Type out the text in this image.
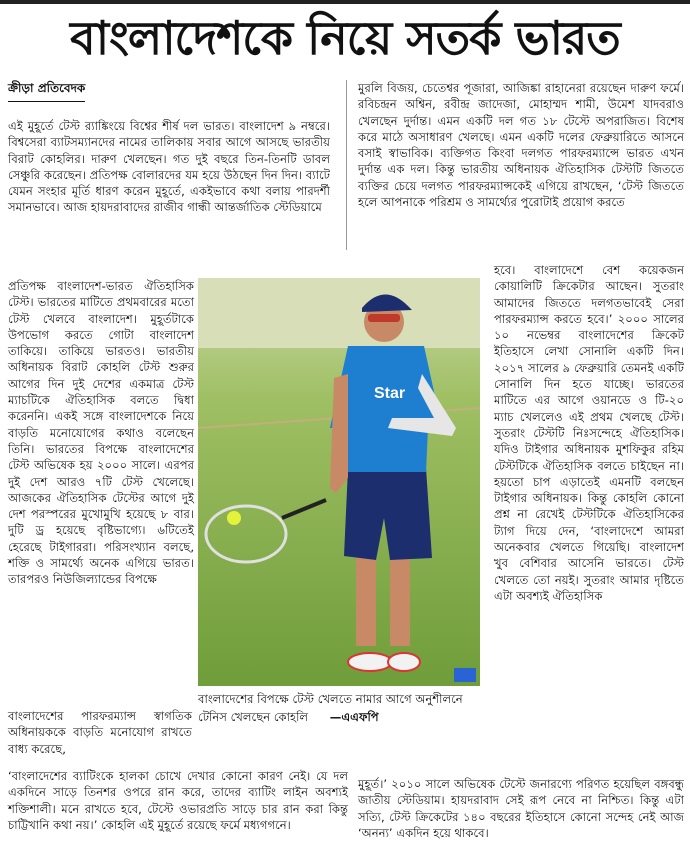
বাংলাদেশকে নিয়ে সতর্ক ভারত
ক্রীড়া প্রতিবেদক

এই মুহূর্তে টেস্ট র‌্যাঙ্কিংয়ে বিশ্বের শীর্ষ দল ভারত। বাংলাদেশ ৯ নম্বরে। বিশ্বসেরা ব্যাটসম্যানদের নামের তালিকায় সবার আগে আসছে ভারতীয় বিরাট কোহলির। দারুণ খেলছেন। গত দুই বছরে তিন-তিনটি ডাবল সেঞ্চুরি করেছেন। প্রতিপক্ষ বোলারদের যম হয়ে উঠছেন দিন দিন। ব্যাটে যেমন সংহার মূর্তি ধারণ করেন মুহূর্তে, একইভাবে কথা বলায় পারদর্শী সমানভাবে। আজ হায়দরাবাদের রাজীব গান্ধী আন্তর্জাতিক স্টেডিয়ামে

প্রতিপক্ষ বাংলাদেশ-ভারত ঐতিহাসিক টেস্ট। ভারতের মাটিতে প্রথমবারের মতো টেস্ট খেলবে বাংলাদেশ। মুহূর্তটাকে উপভোগ করতে গোটা বাংলাদেশ তাকিয়ে। তাকিয়ে ভারতও। ভারতীয় অধিনায়ক বিরাট কোহলি টেস্ট শুরুর আগের দিন দুই দেশের একমাত্র টেস্ট ম্যাচটিকে ঐতিহাসিক বলতে দ্বিধা করেননি। একই সঙ্গে বাংলাদেশকে নিয়ে বাড়তি মনোযোগের কথাও বলেছেন তিনি। ভারতের বিপক্ষে বাংলাদেশের টেস্ট অভিষেক হয় ২০০০ সালে। এরপর দুই দেশ আরও ৭টি টেস্ট খেলেছে। আজকের ঐতিহাসিক টেস্টের আগে দুই দেশ পরস্পরের মুখোমুখি হয়েছে ৮ বার। দুটি ড্র হয়েছে বৃষ্টিভাগ্যে। ৬টিতেই হেরেছে টাইগাররা। পরিসংখ্যান বলছে, শক্তি ও সামর্থ্যে অনেক এগিয়ে ভারত। তারপরও নিউজিল্যান্ডের বিপক্ষে

বাংলাদেশের পারফরম্যান্স স্বাগতিক অধিনায়ককে বাড়তি মনোযোগ রাখতে বাধ্য করেছে,

মুরলি বিজয়, চেতেশ্বর পূজারা, আজিঙ্কা রাহানেরা রয়েছেন দারুণ ফর্মে। রবিচন্দ্রন অশ্বিন, রবীন্দ্র জাদেজা, মোহাম্মদ শামী, উমেশ যাদবরাও খেলছেন দুর্দান্ত। এমন একটি দল গত ১৮ টেস্টে অপরাজিত। বিশেষ করে মাঠে অসাধারণ খেলছে। এমন একটি দলের ফেব্রুয়ারিতে আসনে বসাই স্বাভাবিক। ব্যক্তিগত কিংবা দলগত পারফরম্যান্সে ভারত এখন দুর্দান্ত এক দল। কিন্তু ভারতীয় অধিনায়ক ঐতিহাসিক টেস্টটি জিততে ব্যক্তির চেয়ে দলগত পারফরম্যান্সকেই এগিয়ে রাখছেন, ‘টেস্ট জিততে হলে আপনাকে পরিশ্রম ও সামর্থ্যের পুরোটাই প্রয়োগ করতে

হবে। বাংলাদেশে বেশ কয়েকজন কোয়ালিটি ক্রিকেটার আছেন। সুতরাং আমাদের জিততে দলগতভাবেই সেরা পারফরম্যান্স করতে হবে।’ ২০০০ সালের ১০ নভেম্বর বাংলাদেশের ক্রিকেট ইতিহাসে লেখা সোনালি একটি দিন। ২০১৭ সালের ৯ ফেব্রুয়ারি তেমনই একটি সোনালি দিন হতে যাচ্ছে। ভারতের মাটিতে এর আগে ওয়ানডে ও টি-২০ ম্যাচ খেললেও এই প্রথম খেলছে টেস্ট। সুতরাং টেস্টটি নিঃসন্দেহে ঐতিহাসিক। যদিও টাইগার অধিনায়ক মুশফিকুর রহিম টেস্টটিকে ঐতিহাসিক বলতে চাইছেন না। হয়তো চাপ এড়াতেই এমনটি বলছেন টাইগার অধিনায়ক। কিন্তু কোহলি কোনো প্রশ্ন না রেখেই টেস্টটিকে ঐতিহাসিকের ট্যাগ দিয়ে দেন, ‘বাংলাদেশে আমরা অনেকবার খেলতে গিয়েছি। বাংলাদেশ খুব বেশিবার আসেনি ভারতে। টেস্ট খেলতে তো নয়ই। সুতরাং আমার দৃষ্টিতে এটা অবশ্যই ঐতিহাসিক

‘বাংলাদেশের ব্যাটিংকে হালকা চোখে দেখার কোনো কারণ নেই। যে দল একদিনে সাড়ে তিনশর ওপরে রান করে, তাদের ব্যাটিং লাইন অবশ্যই শক্তিশালী। মনে রাখতে হবে, টেস্টে ওভারপ্রতি সাড়ে চার রান করা কিন্তু চাট্টিখানি কথা নয়।’ কোহলি এই মুহূর্তে রয়েছে ফর্মে মধ্যগগনে।

মুহূর্ত।’ ২০১০ সালে অভিষেক টেস্টে জনারণ্যে পরিণত হয়েছিল বঙ্গবন্ধু জাতীয় স্টেডিয়াম। হায়দরাবাদ সেই রূপ নেবে না নিশ্চিত। কিন্তু এটা সত্যি, টেস্ট ক্রিকেটের ১৪০ বছরের ইতিহাসে কোনো সন্দেহ নেই আজ ‘অনন্য’ একদিন হয়ে থাকবে।

Star
বাংলাদেশের বিপক্ষে টেস্ট খেলতে নামার আগে অনুশীলনে টেনিস খেলছেন কোহলি —এএফপি
